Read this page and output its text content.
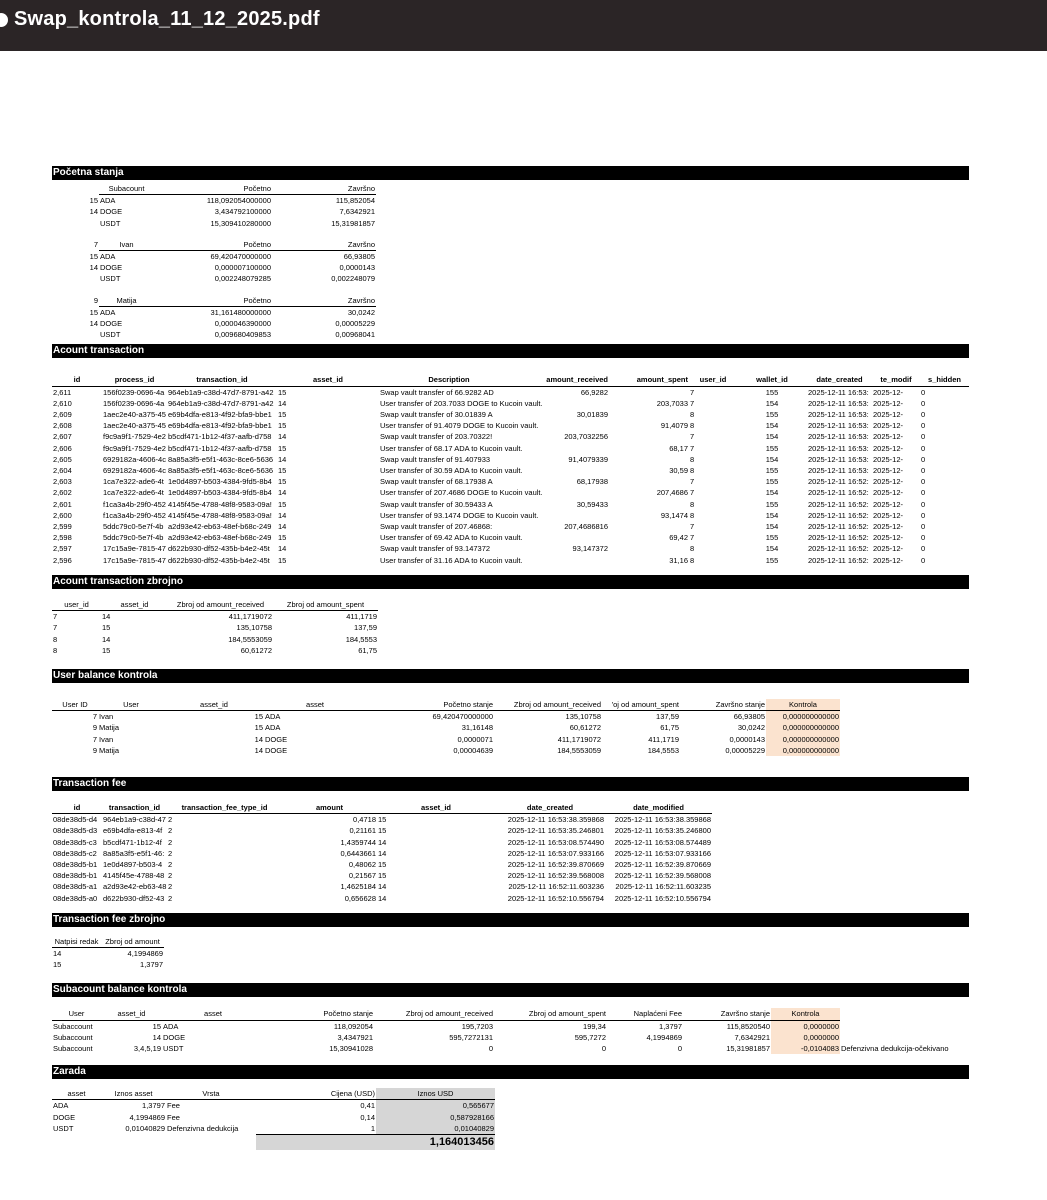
Swap_kontrola_11_12_2025.pdf
Početna stanja
	Subacount	Početno	Završno
15	ADA	118,092054000000	115,852054
14	DOGE	3,434792100000	7,6342921
	USDT	15,309410280000	15,31981857
7	Ivan	Početno	Završno
15	ADA	69,420470000000	66,93805
14	DOGE	0,000007100000	0,0000143
	USDT	0,002248079285	0,002248079
9	Matija	Početno	Završno
15	ADA	31,161480000000	30,0242
14	DOGE	0,000046390000	0,00005229
	USDT	0,009680409853	0,00968041
Acount transaction
id	process_id	transaction_id	asset_id	Description	amount_received	amount_spent	user_id	wallet_id	date_created	te_modif	s_hidden
2,611	156f0239-0696-4a	964eb1a9-c38d-47d7-8791-a42	15	Swap vault transfer of 66.9282 AD	66,9282		7	155	2025-12-11 16:53:	2025-12-	0
2,610	156f0239-0696-4a	964eb1a9-c38d-47d7-8791-a42	14	User transfer of 203.7033 DOGE to Kucoin vault.		203,7033	7	154	2025-12-11 16:53:	2025-12-	0
2,609	1aec2e40-a375-45	e69b4dfa-e813-4f92-bfa9-bbe1	15	Swap vault transfer of 30.01839 A	30,01839		8	155	2025-12-11 16:53:	2025-12-	0
2,608	1aec2e40-a375-45	e69b4dfa-e813-4f92-bfa9-bbe1	15	User transfer of 91.4079 DOGE to Kucoin vault.		91,4079	8	154	2025-12-11 16:53:	2025-12-	0
2,607	f9c9a9f1-7529-4e2	b5cdf471-1b12-4f37-aafb-d758	14	Swap vault transfer of 203.70322!	203,7032256		7	154	2025-12-11 16:53:	2025-12-	0
2,606	f9c9a9f1-7529-4e2	b5cdf471-1b12-4f37-aafb-d758	15	User transfer of 68.17 ADA to Kucoin vault.		68,17	7	155	2025-12-11 16:53:	2025-12-	0
2,605	6929182a-4606-4c	8a85a3f5-e5f1-463c-8ce6-5636	14	Swap vault transfer of 91.407933	91,4079339		8	154	2025-12-11 16:53:	2025-12-	0
2,604	6929182a-4606-4c	8a85a3f5-e5f1-463c-8ce6-5636	15	User transfer of 30.59 ADA to Kucoin vault.		30,59	8	155	2025-12-11 16:53:	2025-12-	0
2,603	1ca7e322-ade6-4t	1e0d4897-b503-4384-9fd5-8b4	15	Swap vault transfer of 68.17938 A	68,17938		7	155	2025-12-11 16:52:	2025-12-	0
2,602	1ca7e322-ade6-4t	1e0d4897-b503-4384-9fd5-8b4	14	User transfer of 207.4686 DOGE to Kucoin vault.		207,4686	7	154	2025-12-11 16:52:	2025-12-	0
2,601	f1ca3a4b-29f0-452	4145f45e-4788-48f8-9583-09a!	15	Swap vault transfer of 30.59433 A	30,59433		8	155	2025-12-11 16:52:	2025-12-	0
2,600	f1ca3a4b-29f0-452	4145f45e-4788-48f8-9583-09a!	14	User transfer of 93.1474 DOGE to Kucoin vault.		93,1474	8	154	2025-12-11 16:52:	2025-12-	0
2,599	5ddc79c0-5e7f-4b	a2d93e42-eb63-48ef-b68c-249	14	Swap vault transfer of 207.46868:	207,4686816		7	154	2025-12-11 16:52:	2025-12-	0
2,598	5ddc79c0-5e7f-4b	a2d93e42-eb63-48ef-b68c-249	15	User transfer of 69.42 ADA to Kucoin vault.		69,42	7	155	2025-12-11 16:52:	2025-12-	0
2,597	17c15a9e-7815-47	d622b930-df52-435b-b4e2-45t	14	Swap vault transfer of 93.147372	93,147372		8	154	2025-12-11 16:52:	2025-12-	0
2,596	17c15a9e-7815-47	d622b930-df52-435b-b4e2-45t	15	User transfer of 31.16 ADA to Kucoin vault.		31,16	8	155	2025-12-11 16:52:	2025-12-	0
Acount transaction zbrojno
user_id	asset_id	Zbroj od amount_received	Zbroj od amount_spent
7	14	411,1719072	411,1719
7	15	135,10758	137,59
8	14	184,5553059	184,5553
8	15	60,61272	61,75
User balance kontrola
User ID	User	asset_id	asset	Početno stanje	Zbroj od amount_received	'oj od amount_spent	Završno stanje	Kontrola
7	Ivan	15	ADA	69,420470000000	135,10758	137,59	66,93805	0,000000000000
9	Matija	15	ADA	31,16148	60,61272	61,75	30,0242	0,000000000000
7	Ivan	14	DOGE	0,0000071	411,1719072	411,1719	0,0000143	0,000000000000
9	Matija	14	DOGE	0,00004639	184,5553059	184,5553	0,00005229	0,000000000000
Transaction fee
id	transaction_id	transaction_fee_type_id	amount	asset_id	date_created	date_modified
08de38d5-d4	964eb1a9-c38d-47	2	0,4718	15	2025-12-11 16:53:38.359868	2025-12-11 16:53:38.359868
08de38d5-d3	e69b4dfa-e813-4f	2	0,21161	15	2025-12-11 16:53:35.246801	2025-12-11 16:53:35.246800
08de38d5-c3	b5cdf471-1b12-4f	2	1,4359744	14	2025-12-11 16:53:08.574490	2025-12-11 16:53:08.574489
08de38d5-c2	8a85a3f5-e5f1-46:	2	0,6443661	14	2025-12-11 16:53:07.933166	2025-12-11 16:53:07.933166
08de38d5-b1	1e0d4897-b503-4	2	0,48062	15	2025-12-11 16:52:39.870669	2025-12-11 16:52:39.870669
08de38d5-b1	4145f45e-4788-48	2	0,21567	15	2025-12-11 16:52:39.568008	2025-12-11 16:52:39.568008
08de38d5-a1	a2d93e42-eb63-48	2	1,4625184	14	2025-12-11 16:52:11.603236	2025-12-11 16:52:11.603235
08de38d5-a0	d622b930-df52-43	2	0,656628	14	2025-12-11 16:52:10.556794	2025-12-11 16:52:10.556794
Transaction fee zbrojno
Natpisi redak	Zbroj od amount
14	4,1994869
15	1,3797
Subacount balance kontrola
User	asset_id	asset	Početno stanje	Zbroj od amount_received	Zbroj od amount_spent	Naplaćeni Fee	Završno stanje	Kontrola	
Subaccount	15	ADA	118,092054	195,7203	199,34	1,3797	115,8520540	0,0000000	
Subaccount	14	DOGE	3,4347921	595,7272131	595,7272	4,1994869	7,6342921	0,0000000	
Subaccount	3,4,5,19	USDT	15,30941028	0	0	0	15,31981857	-0,0104083	Defenzivna dedukcija-očekivano
Zarada
asset	Iznos asset	Vrsta	Cijena (USD)	Iznos USD
ADA	1,3797	Fee	0,41	0,565677
DOGE	4,1994869	Fee	0,14	0,587928166
USDT	0,01040829	Defenzivna dedukcija	1	0,01040829
				1,164013456
